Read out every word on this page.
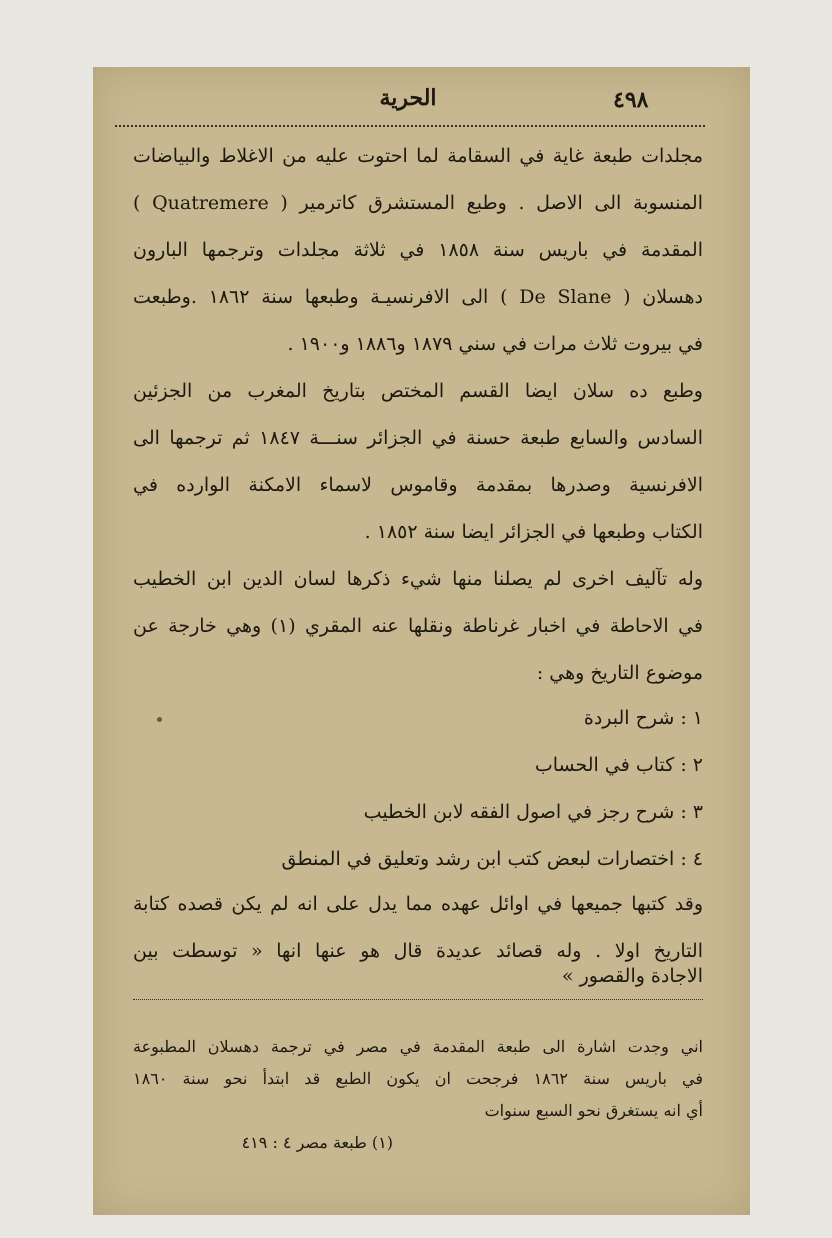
٤٩٨
الحرية
مجلدات طبعة غاية في السقامة لما احتوت عليه من الاغلاط والبياضات
المنسوبة الى الاصل . وطبع المستشرق كاترمير ( Quatremere )
المقدمة في باريس سنة ١٨٥٨ في ثلاثة مجلدات وترجمها البارون
دهسلان ( De Slane ) الى الافرنسيـة وطبعها سنة ١٨٦٢ .وطبعت
في بيروت ثلاث مرات في سني ١٨٧٩ و١٨٨٦ و١٩٠٠ .
وطبع ده سلان ايضا القسم المختص بتاريخ المغرب من الجزئين
السادس والسابع طبعة حسنة في الجزائر سنـــة ١٨٤٧ ثم ترجمها الى
الافرنسية وصدرها بمقدمة وقاموس لاسماء الامكنة الوارده في
الكتاب وطبعها في الجزائر ايضا سنة ١٨٥٢ .
وله تآليف اخرى لم يصلنا منها شيء ذكرها لسان الدين ابن الخطيب
في الاحاطة في اخبار غرناطة ونقلها عنه المقري (١) وهي خارجة عن
موضوع التاريخ وهي :
١ : شرح البردة
٢ : كتاب في الحساب
٣ : شرح رجز في اصول الفقه لابن الخطيب
٤ : اختصارات لبعض كتب ابن رشد وتعليق في المنطق
وقد كتبها جميعها في اوائل عهده مما يدل على انه لم يكن قصده كتابة
التاريخ اولا . وله قصائد عديدة قال هو عنها انها « توسطت بين
اني وجدت اشارة الى طبعة المقدمة في مصر في ترجمة دهسلان المطبوعة
في باريس سنة ١٨٦٢ فرجحت ان يكون الطبع قد ابتدأ نحو سنة ١٨٦٠
أي انه يستغرق نحو السبع سنوات
(١) طبعة مصر ٤ : ٤١٩
الاجادة والقصور »
